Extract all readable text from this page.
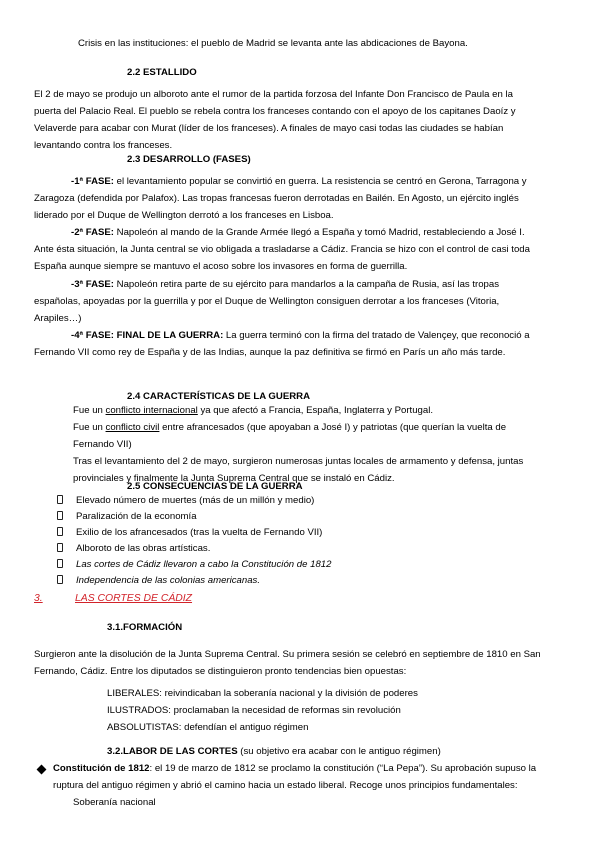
Crisis en las instituciones: el pueblo de Madrid se levanta ante las abdicaciones de Bayona.
2.2 ESTALLIDO
El 2 de mayo se produjo un alboroto ante el rumor de la partida forzosa del Infante Don Francisco de Paula en la
puerta del Palacio Real. El pueblo se rebela contra los franceses contando con el apoyo de los capitanes Daoíz y
Velaverde para acabar con Murat (líder de los franceses). A finales de mayo casi todas las ciudades se habían
levantando contra los franceses.
2.3 DESARROLLO (FASES)
-1ª FASE: el levantamiento popular se convirtió en guerra. La resistencia se centró en Gerona, Tarragona y
Zaragoza (defendida por Palafox). Las tropas francesas fueron derrotadas en Bailén. En Agosto, un ejército inglés
liderado por el Duque de Wellington derrotó a los franceses en Lisboa.
-2ª FASE: Napoleón al mando de la Grande Armée llegó a España y tomó Madrid, restableciendo a José I.
Ante ésta situación, la Junta central se vio obligada a trasladarse a Cádiz. Francia se hizo con el control de casi toda
España aunque siempre se mantuvo el acoso sobre los invasores en forma de guerrilla.
-3ª FASE: Napoleón retira parte de su ejército para mandarlos a la campaña de Rusia, así las tropas
españolas, apoyadas por la guerrilla y por el Duque de Wellington consiguen derrotar a los franceses (Vitoria,
Arapiles…)
-4ª FASE: FINAL DE LA GUERRA: La guerra terminó con la firma del tratado de Valençey, que reconoció a
Fernando VII como rey de España y de las Indias, aunque la paz definitiva se firmó en París un año más tarde.
2.4 CARACTERÍSTICAS DE LA GUERRA
Fue un conflicto internacional ya que afectó a Francia, España, Inglaterra y Portugal.
Fue un conflicto civil entre afrancesados (que apoyaban a José I) y patriotas (que querían la vuelta de
Fernando VII)
Tras el levantamiento del 2 de mayo, surgieron numerosas juntas locales de armamento y defensa, juntas
provinciales y finalmente la Junta Suprema Central que se instaló en Cádiz.
2.5 CONSECUENCIAS DE LA GUERRA
Elevado número de muertes (más de un millón y medio)
Paralización de la economía
Exilio de los afrancesados (tras la vuelta de Fernando VII)
Alboroto de las obras artísticas.
Las cortes de Cádiz llevaron a cabo la Constitución de 1812
Independencia de las colonias americanas.
3.	LAS CORTES DE CÁDIZ
3.1.FORMACIÓN
Surgieron ante la disolución de la Junta Suprema Central. Su primera sesión se celebró en septiembre de 1810 en San
Fernando, Cádiz. Entre los diputados se distinguieron pronto tendencias bien opuestas:
LIBERALES: reivindicaban la soberanía nacional y la división de poderes
ILUSTRADOS: proclamaban la necesidad de reformas sin revolución
ABSOLUTISTAS: defendían el antiguo régimen
3.2.LABOR DE LAS CORTES (su objetivo era acabar con le antiguo régimen)
Constitución de 1812: el 19 de marzo de 1812 se proclamo la constitución (“La Pepa”). Su aprobación supuso la
ruptura del antiguo régimen y abrió el camino hacia un estado liberal. Recoge unos principios fundamentales:
Soberanía nacional
